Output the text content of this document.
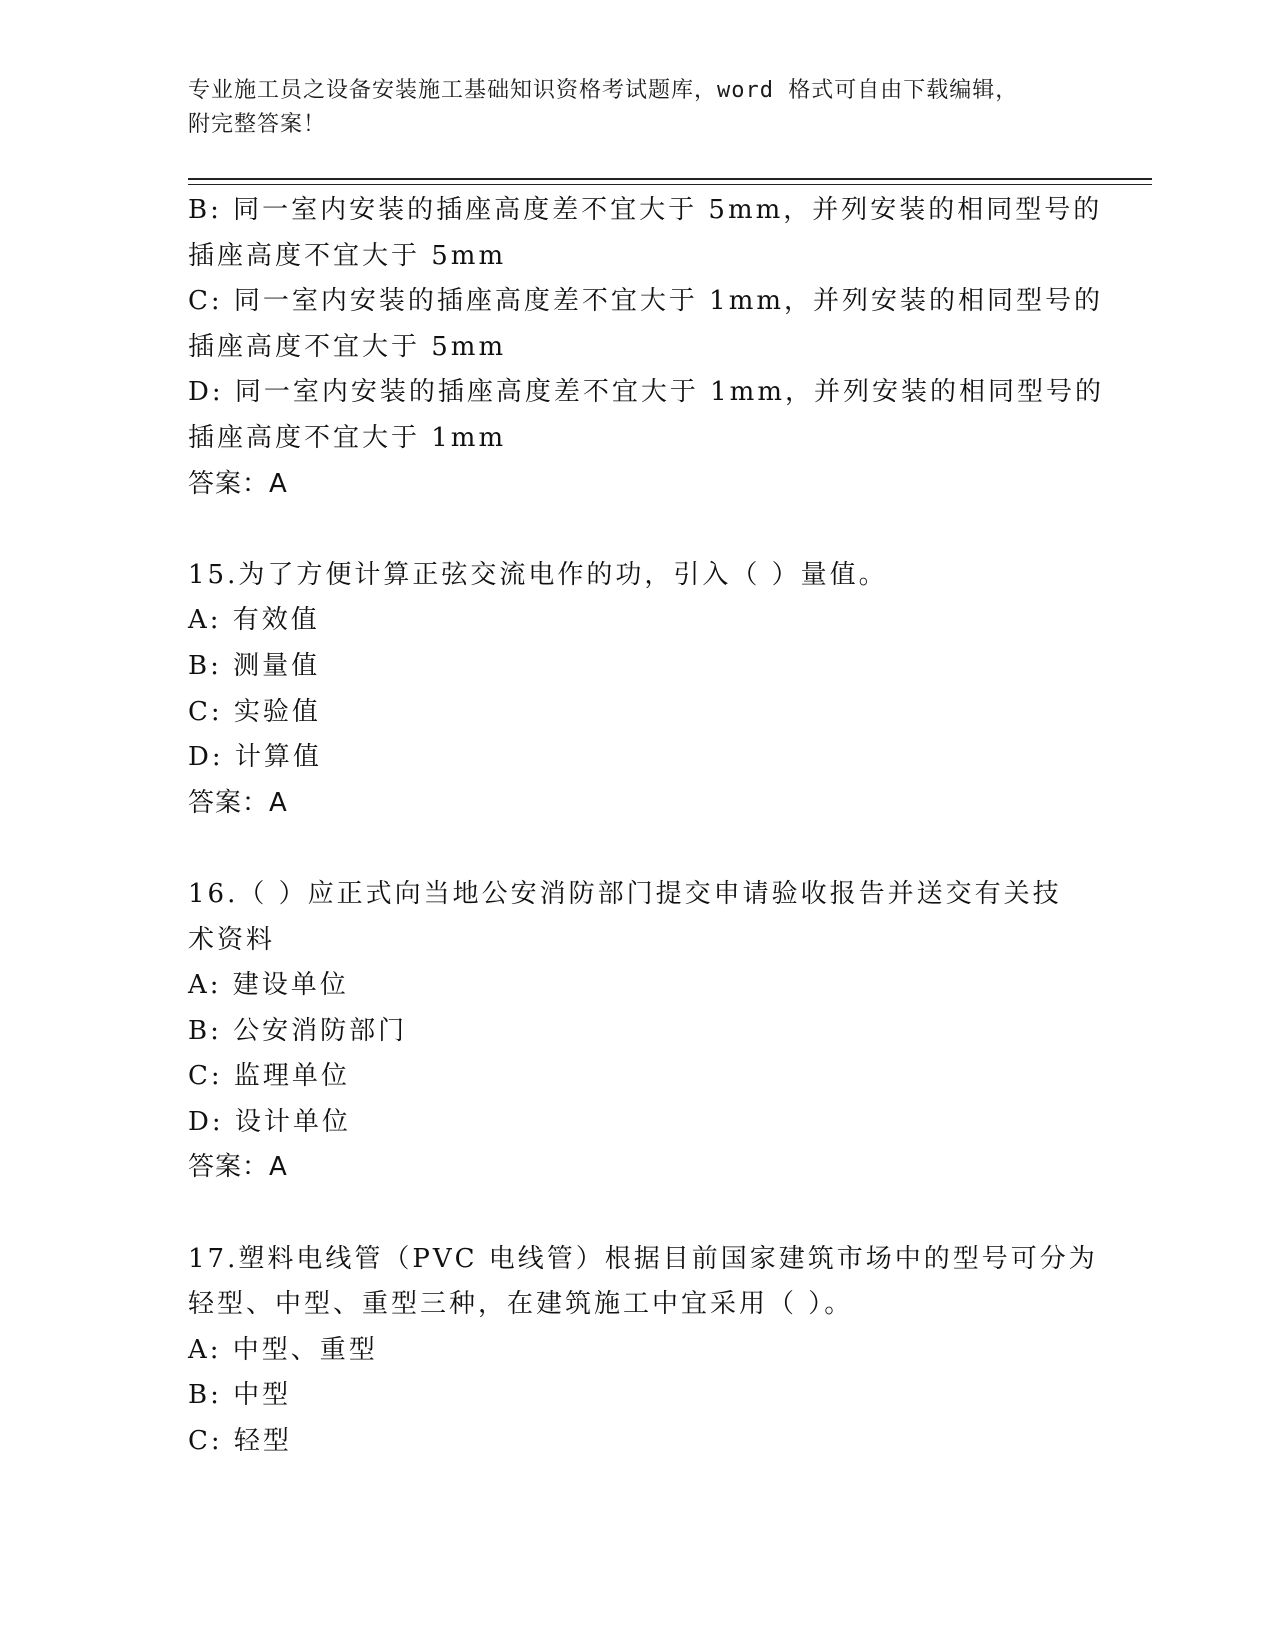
专业施工员之设备安装施工基础知识资格考试题库，word 格式可自由下载编辑，
附完整答案！
B: 同一室内安装的插座高度差不宜大于 5mm，并列安装的相同型号的
插座高度不宜大于 5mm
C: 同一室内安装的插座高度差不宜大于 1mm，并列安装的相同型号的
插座高度不宜大于 5mm
D: 同一室内安装的插座高度差不宜大于 1mm，并列安装的相同型号的
插座高度不宜大于 1mm
答案：A
15.为了方便计算正弦交流电作的功，引入（ ）量值。
A: 有效值
B: 测量值
C: 实验值
D: 计算值
答案：A
16.（ ）应正式向当地公安消防部门提交申请验收报告并送交有关技
术资料
A: 建设单位
B: 公安消防部门
C: 监理单位
D: 设计单位
答案：A
17.塑料电线管（PVC 电线管）根据目前国家建筑市场中的型号可分为
轻型、中型、重型三种，在建筑施工中宜采用（ ）。
A: 中型、重型
B: 中型
C: 轻型
